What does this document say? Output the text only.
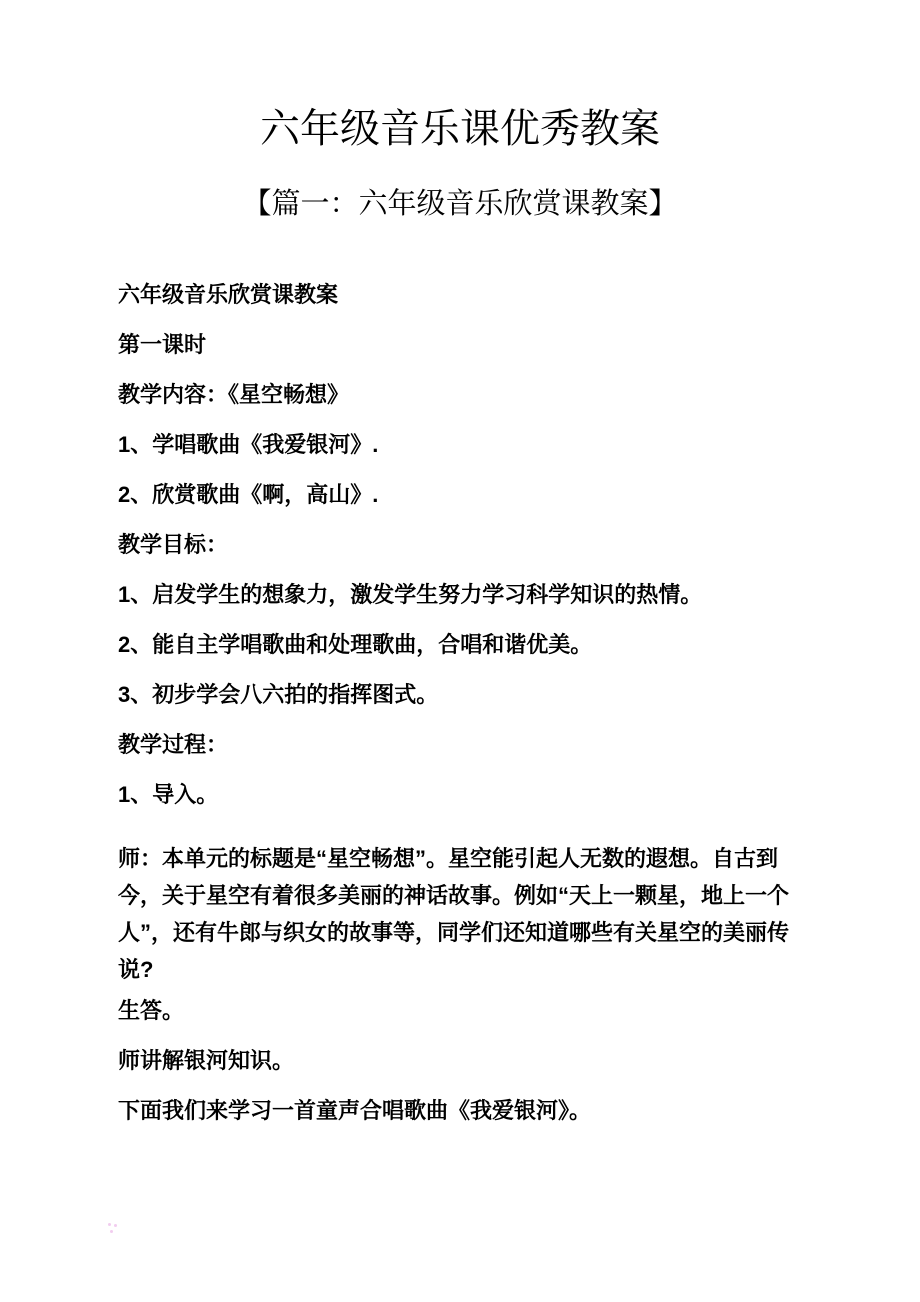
六年级音乐课优秀教案
【篇一：六年级音乐欣赏课教案】

六年级音乐欣赏课教案

第一课时

教学内容：《星空畅想》

1、学唱歌曲《我爱银河》.

2、欣赏歌曲《啊，高山》.

教学目标：

1、启发学生的想象力，激发学生努力学习科学知识的热情。

2、能自主学唱歌曲和处理歌曲，合唱和谐优美。

3、初步学会八六拍的指挥图式。

教学过程：

1、导入。

师：本单元的标题是“星空畅想”。星空能引起人无数的遐想。自古到今，关于星空有着很多美丽的神话故事。例如“天上一颗星，地上一个人”，还有牛郎与织女的故事等，同学们还知道哪些有关星空的美丽传说?

生答。

师讲解银河知识。

下面我们来学习一首童声合唱歌曲《我爱银河》。
